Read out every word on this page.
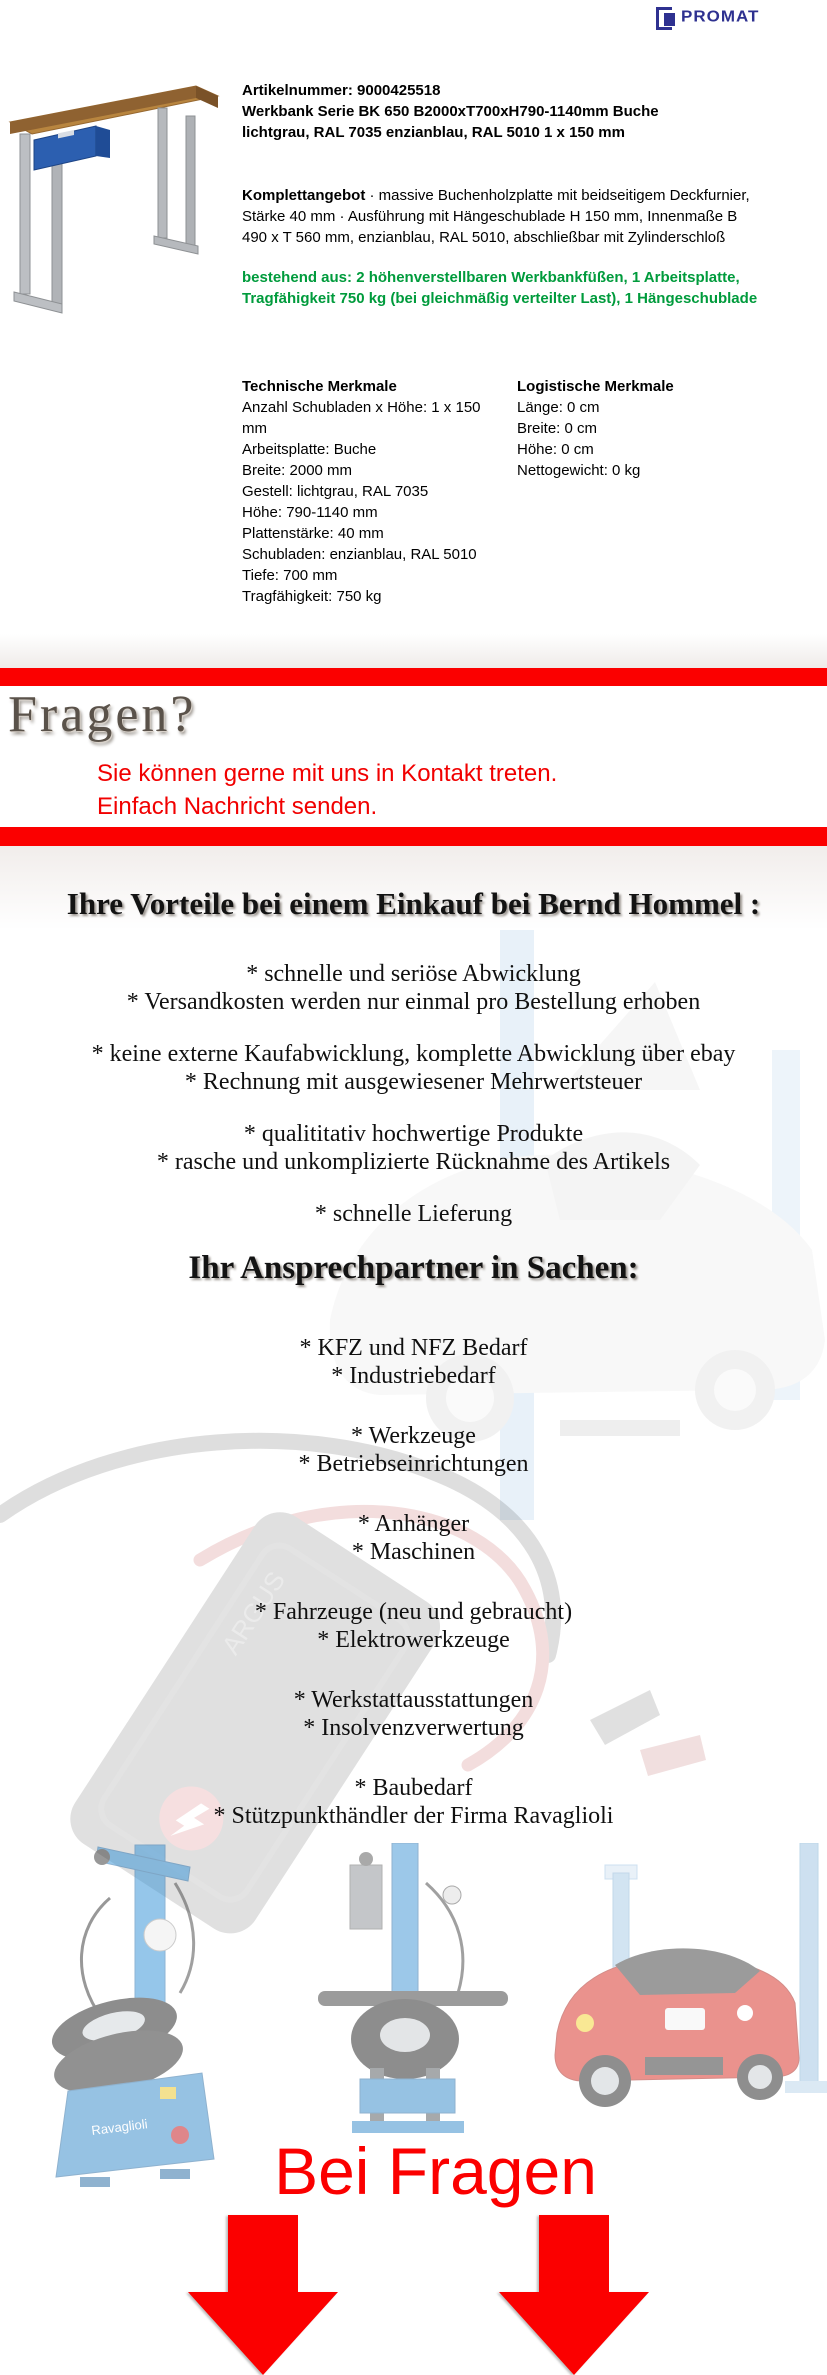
ARGUS
PROMAT
Artikelnummer: 9000425518
Werkbank Serie BK 650 B2000xT700xH790-1140mm Buche
lichtgrau, RAL 7035 enzianblau, RAL 5010 1 x 150 mm
Komplettangebot · massive Buchenholzplatte mit beidseitigem Deckfurnier, Stärke 40 mm · Ausführung mit Hängeschublade H 150 mm, Innenmaße B 490 x T 560 mm, enzianblau, RAL 5010, abschließbar mit Zylinderschloß
bestehend aus: 2 höhenverstellbaren Werkbankfüßen, 1 Arbeitsplatte, Tragfähigkeit 750 kg (bei gleichmäßig verteilter Last), 1 Hängeschublade
Technische Merkmale
Anzahl Schubladen x Höhe: 1 x 150 mm
Arbeitsplatte: Buche
Breite: 2000 mm
Gestell: lichtgrau, RAL 7035
Höhe: 790-1140 mm
Plattenstärke: 40 mm
Schubladen: enzianblau, RAL 5010
Tiefe: 700 mm
Tragfähigkeit: 750 kg
Logistische Merkmale
Länge: 0 cm
Breite: 0 cm
Höhe: 0 cm
Nettogewicht: 0 kg
Fragen?
Sie können gerne mit uns in Kontakt treten.
Einfach Nachricht senden.
Ihre Vorteile bei einem Einkauf bei Bernd Hommel :
* schnelle und seriöse Abwicklung
* Versandkosten werden nur einmal pro Bestellung erhoben
* keine externe Kaufabwicklung, komplette Abwicklung über ebay
* Rechnung mit ausgewiesener Mehrwertsteuer
* qualititativ hochwertige Produkte
* rasche und unkomplizierte Rücknahme des Artikels
* schnelle Lieferung
Ihr Ansprechpartner in Sachen:
* KFZ und NFZ Bedarf
* Industriebedarf
* Werkzeuge
* Betriebseinrichtungen
* Anhänger
* Maschinen
* Fahrzeuge (neu und gebraucht)
* Elektrowerkzeuge
* Werkstattausstattungen
* Insolvenzverwertung
* Baubedarf
* Stützpunkthändler der Firma Ravaglioli
Ravaglioli
Bei Fragen
